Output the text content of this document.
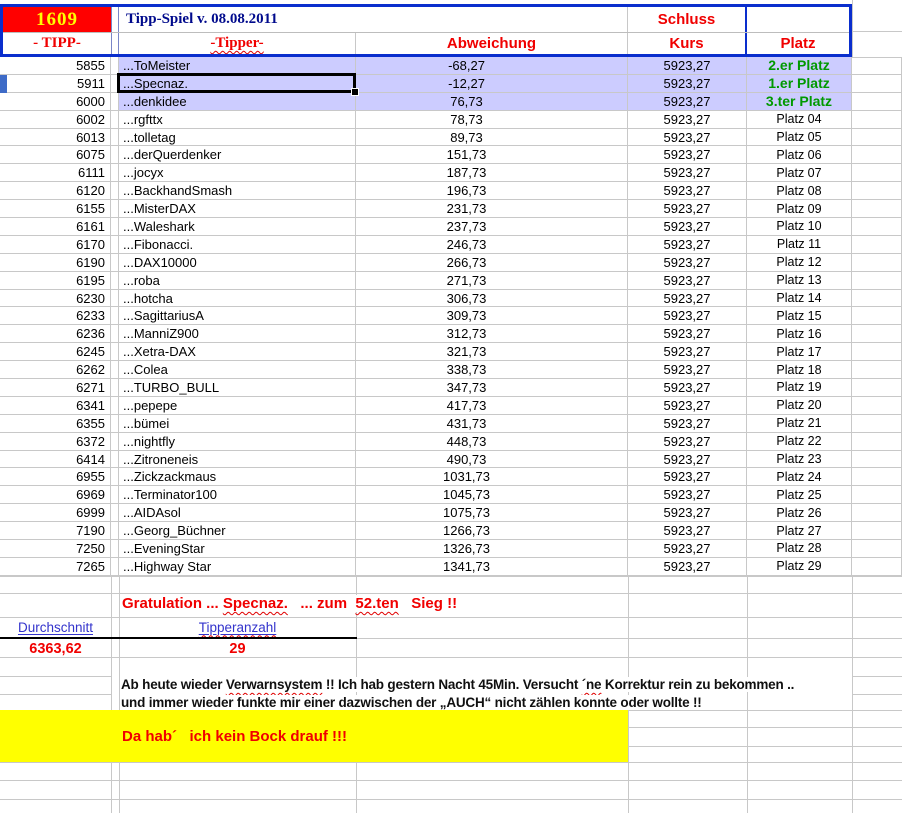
1609	Tipp-Spiel v. 08.08.2011	Schluss
- TIPP-	-Tipper-	Abweichung	Kurs	Platz
5855	...ToMeister	-68,27	5923,27	2.er Platz
5911	...Specnaz.	-12,27	5923,27	1.er Platz
6000	...denkidee	76,73	5923,27	3.ter Platz
6002	...rgfttx	78,73	5923,27	Platz 04
6013	...tolletag	89,73	5923,27	Platz 05
6075	...derQuerdenker	151,73	5923,27	Platz 06
6111	...jocyx	187,73	5923,27	Platz 07
6120	...BackhandSmash	196,73	5923,27	Platz 08
6155	...MisterDAX	231,73	5923,27	Platz 09
6161	...Waleshark	237,73	5923,27	Platz 10
6170	...Fibonacci.	246,73	5923,27	Platz 11
6190	...DAX10000	266,73	5923,27	Platz 12
6195	...roba	271,73	5923,27	Platz 13
6230	...hotcha	306,73	5923,27	Platz 14
6233	...SagittariusA	309,73	5923,27	Platz 15
6236	...ManniZ900	312,73	5923,27	Platz 16
6245	...Xetra-DAX	321,73	5923,27	Platz 17
6262	...Colea	338,73	5923,27	Platz 18
6271	...TURBO_BULL	347,73	5923,27	Platz 19
6341	...pepepe	417,73	5923,27	Platz 20
6355	...bümei	431,73	5923,27	Platz 21
6372	...nightfly	448,73	5923,27	Platz 22
6414	...Zitroneneis	490,73	5923,27	Platz 23
6955	...Zickzackmaus	1031,73	5923,27	Platz 24
6969	...Terminator100	1045,73	5923,27	Platz 25
6999	...AIDAsol	1075,73	5923,27	Platz 26
7190	...Georg_Büchner	1266,73	5923,27	Platz 27
7250	...EveningStar	1326,73	5923,27	Platz 28
7265	...Highway Star	1341,73	5923,27	Platz 29
Gratulation ... Specnaz.   ... zum  52.ten   Sieg !!
Durchschnitt	Tipperanzahl
6363,62	29
Ab heute wieder Verwarnsystem !! Ich hab gestern Nacht 45Min. Versucht ´ne Korrektur rein zu bekommen ..
und immer wieder funkte mir einer dazwischen der „AUCH“ nicht zählen konnte oder wollte !!
Da hab´   ich kein Bock drauf !!!
